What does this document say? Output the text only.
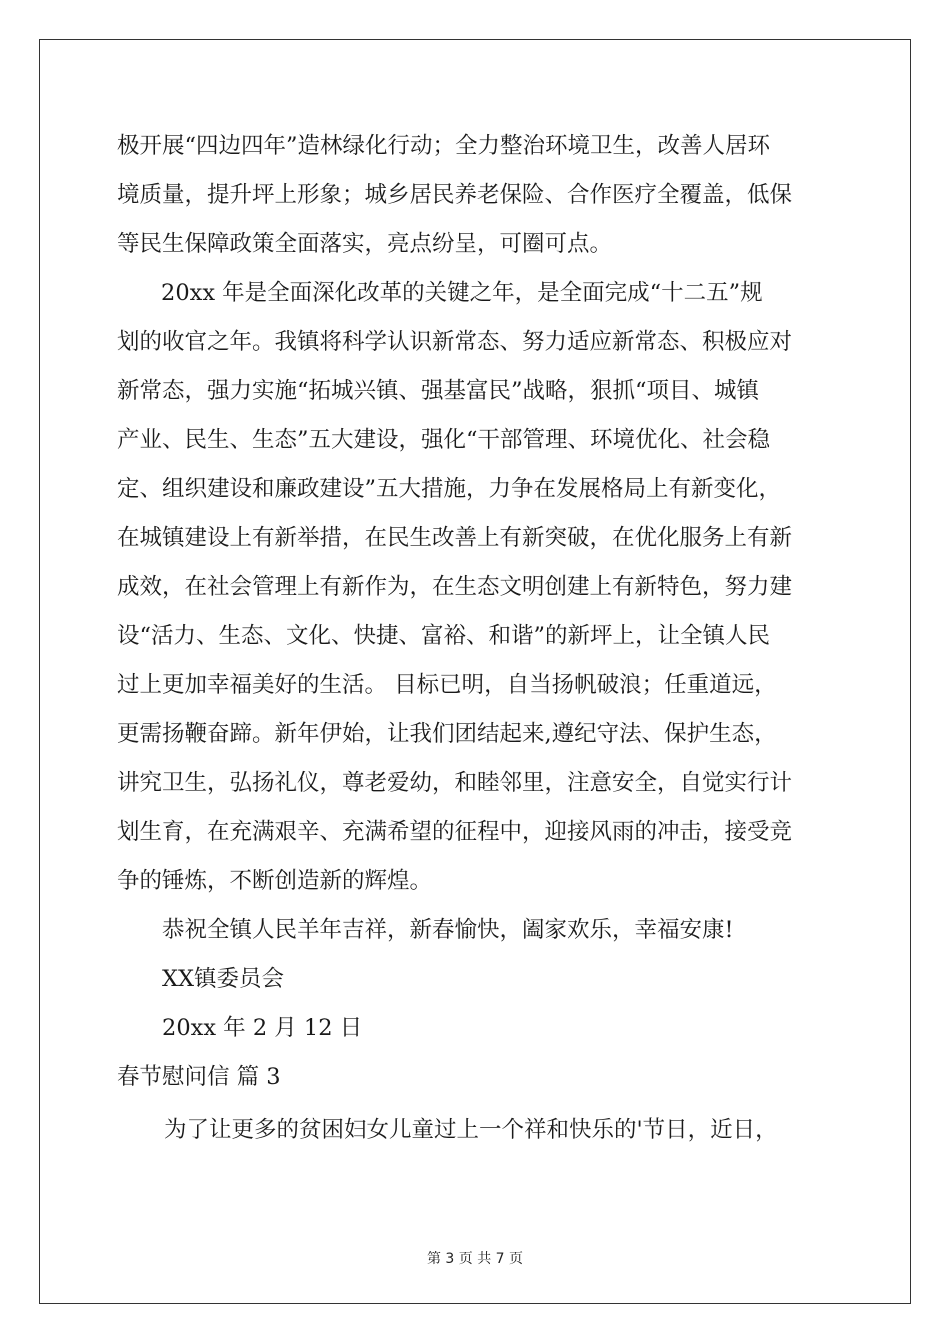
极开展“四边四年”造林绿化行动；全力整治环境卫生，改善人居环

境质量，提升坪上形象；城乡居民养老保险、合作医疗全覆盖，低保

等民生保障政策全面落实，亮点纷呈，可圈可点。

20xx 年是全面深化改革的关键之年，是全面完成“十二五”规

划的收官之年。我镇将科学认识新常态、努力适应新常态、积极应对

新常态，强力实施“拓城兴镇、强基富民”战略，狠抓“项目、城镇

产业、民生、生态”五大建设，强化“干部管理、环境优化、社会稳

定、组织建设和廉政建设”五大措施，力争在发展格局上有新变化，

在城镇建设上有新举措，在民生改善上有新突破，在优化服务上有新

成效，在社会管理上有新作为，在生态文明创建上有新特色，努力建

设“活力、生态、文化、快捷、富裕、和谐”的新坪上，让全镇人民

过上更加幸福美好的生活。 目标已明，自当扬帆破浪；任重道远，

更需扬鞭奋蹄。新年伊始，让我们团结起来,遵纪守法、保护生态，

讲究卫生，弘扬礼仪，尊老爱幼，和睦邻里，注意安全，自觉实行计

划生育，在充满艰辛、充满希望的征程中，迎接风雨的冲击，接受竞

争的锤炼，不断创造新的辉煌。

恭祝全镇人民羊年吉祥，新春愉快，阖家欢乐，幸福安康!

XX镇委员会

20xx 年 2 月 12 日

春节慰问信 篇 3

为了让更多的贫困妇女儿童过上一个祥和快乐的'节日，近日，

第 3 页 共 7 页
